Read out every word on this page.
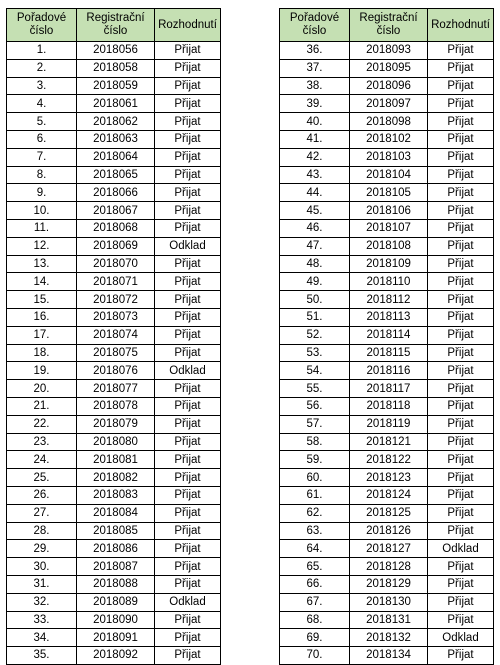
Pořadové číslo	Registrační číslo	Rozhodnutí
1.	2018056	Přijat
2.	2018058	Přijat
3.	2018059	Přijat
4.	2018061	Přijat
5.	2018062	Přijat
6.	2018063	Přijat
7.	2018064	Přijat
8.	2018065	Přijat
9.	2018066	Přijat
10.	2018067	Přijat
11.	2018068	Přijat
12.	2018069	Odklad
13.	2018070	Přijat
14.	2018071	Přijat
15.	2018072	Přijat
16.	2018073	Přijat
17.	2018074	Přijat
18.	2018075	Přijat
19.	2018076	Odklad
20.	2018077	Přijat
21.	2018078	Přijat
22.	2018079	Přijat
23.	2018080	Přijat
24.	2018081	Přijat
25.	2018082	Přijat
26.	2018083	Přijat
27.	2018084	Přijat
28.	2018085	Přijat
29.	2018086	Přijat
30.	2018087	Přijat
31.	2018088	Přijat
32.	2018089	Odklad
33.	2018090	Přijat
34.	2018091	Přijat
35.	2018092	Přijat
Pořadové číslo	Registrační číslo	Rozhodnutí
36.	2018093	Přijat
37.	2018095	Přijat
38.	2018096	Přijat
39.	2018097	Přijat
40.	2018098	Přijat
41.	2018102	Přijat
42.	2018103	Přijat
43.	2018104	Přijat
44.	2018105	Přijat
45.	2018106	Přijat
46.	2018107	Přijat
47.	2018108	Přijat
48.	2018109	Přijat
49.	2018110	Přijat
50.	2018112	Přijat
51.	2018113	Přijat
52.	2018114	Přijat
53.	2018115	Přijat
54.	2018116	Přijat
55.	2018117	Přijat
56.	2018118	Přijat
57.	2018119	Přijat
58.	2018121	Přijat
59.	2018122	Přijat
60.	2018123	Přijat
61.	2018124	Přijat
62.	2018125	Přijat
63.	2018126	Přijat
64.	2018127	Odklad
65.	2018128	Přijat
66.	2018129	Přijat
67.	2018130	Přijat
68.	2018131	Přijat
69.	2018132	Odklad
70.	2018134	Přijat
